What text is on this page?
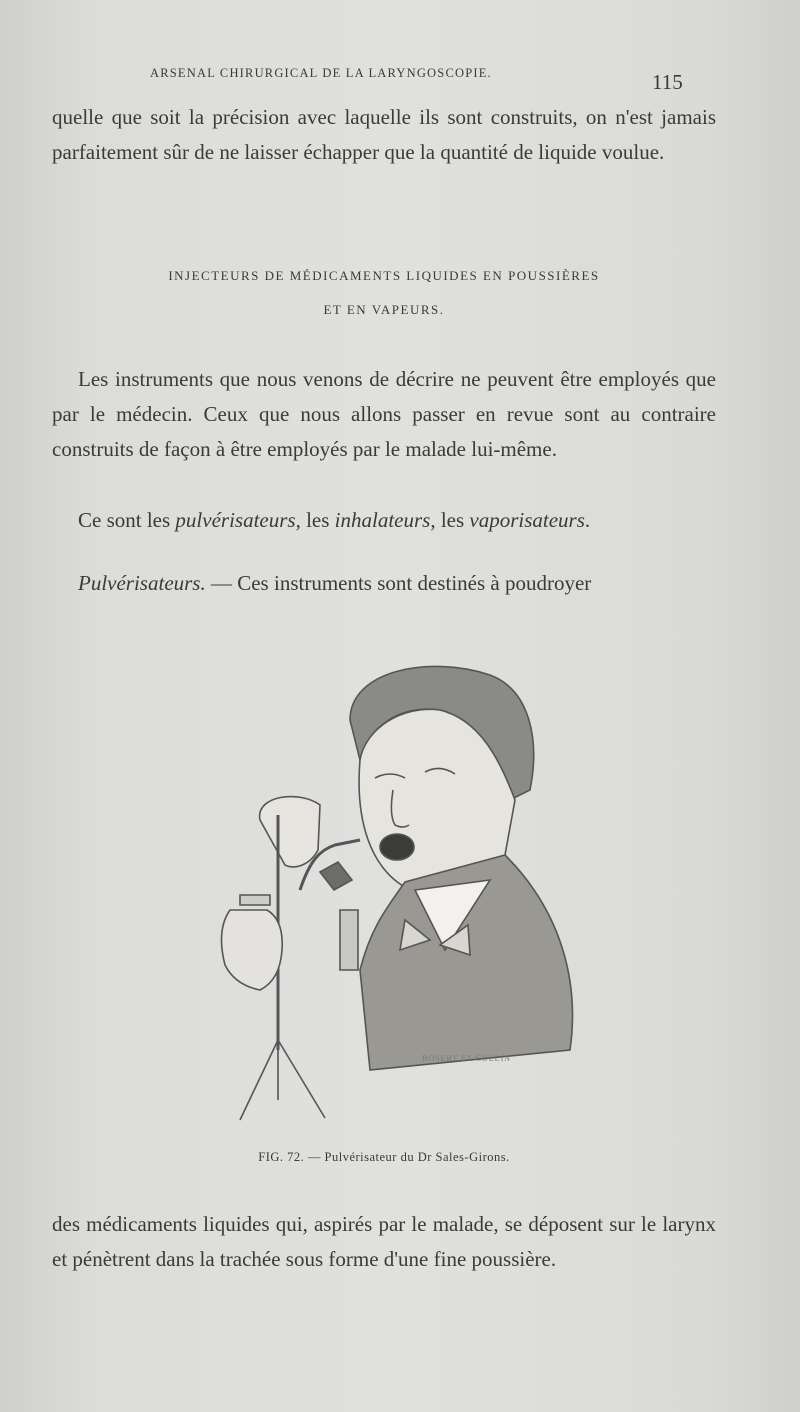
ARSENAL CHIRURGICAL DE LA LARYNGOSCOPIE.	115

quelle que soit la précision avec laquelle ils sont construits, on n'est jamais parfaitement sûr de ne laisser échapper que la quantité de liquide voulue.

INJECTEURS DE MÉDICAMENTS LIQUIDES EN POUSSIÈRES
ET EN VAPEURS.

Les instruments que nous venons de décrire ne peuvent être employés que par le médecin. Ceux que nous allons passer en revue sont au contraire construits de façon à être employés par le malade lui-même.

Ce sont les pulvérisateurs, les inhalateurs, les vaporisateurs.

Pulvérisateurs. — Ces instruments sont destinés à poudroyer

BOSERT ET CULLIN
FIG. 72. — Pulvérisateur du Dr Sales-Girons.

des médicaments liquides qui, aspirés par le malade, se déposent sur le larynx et pénètrent dans la trachée sous forme d'une fine poussière.
